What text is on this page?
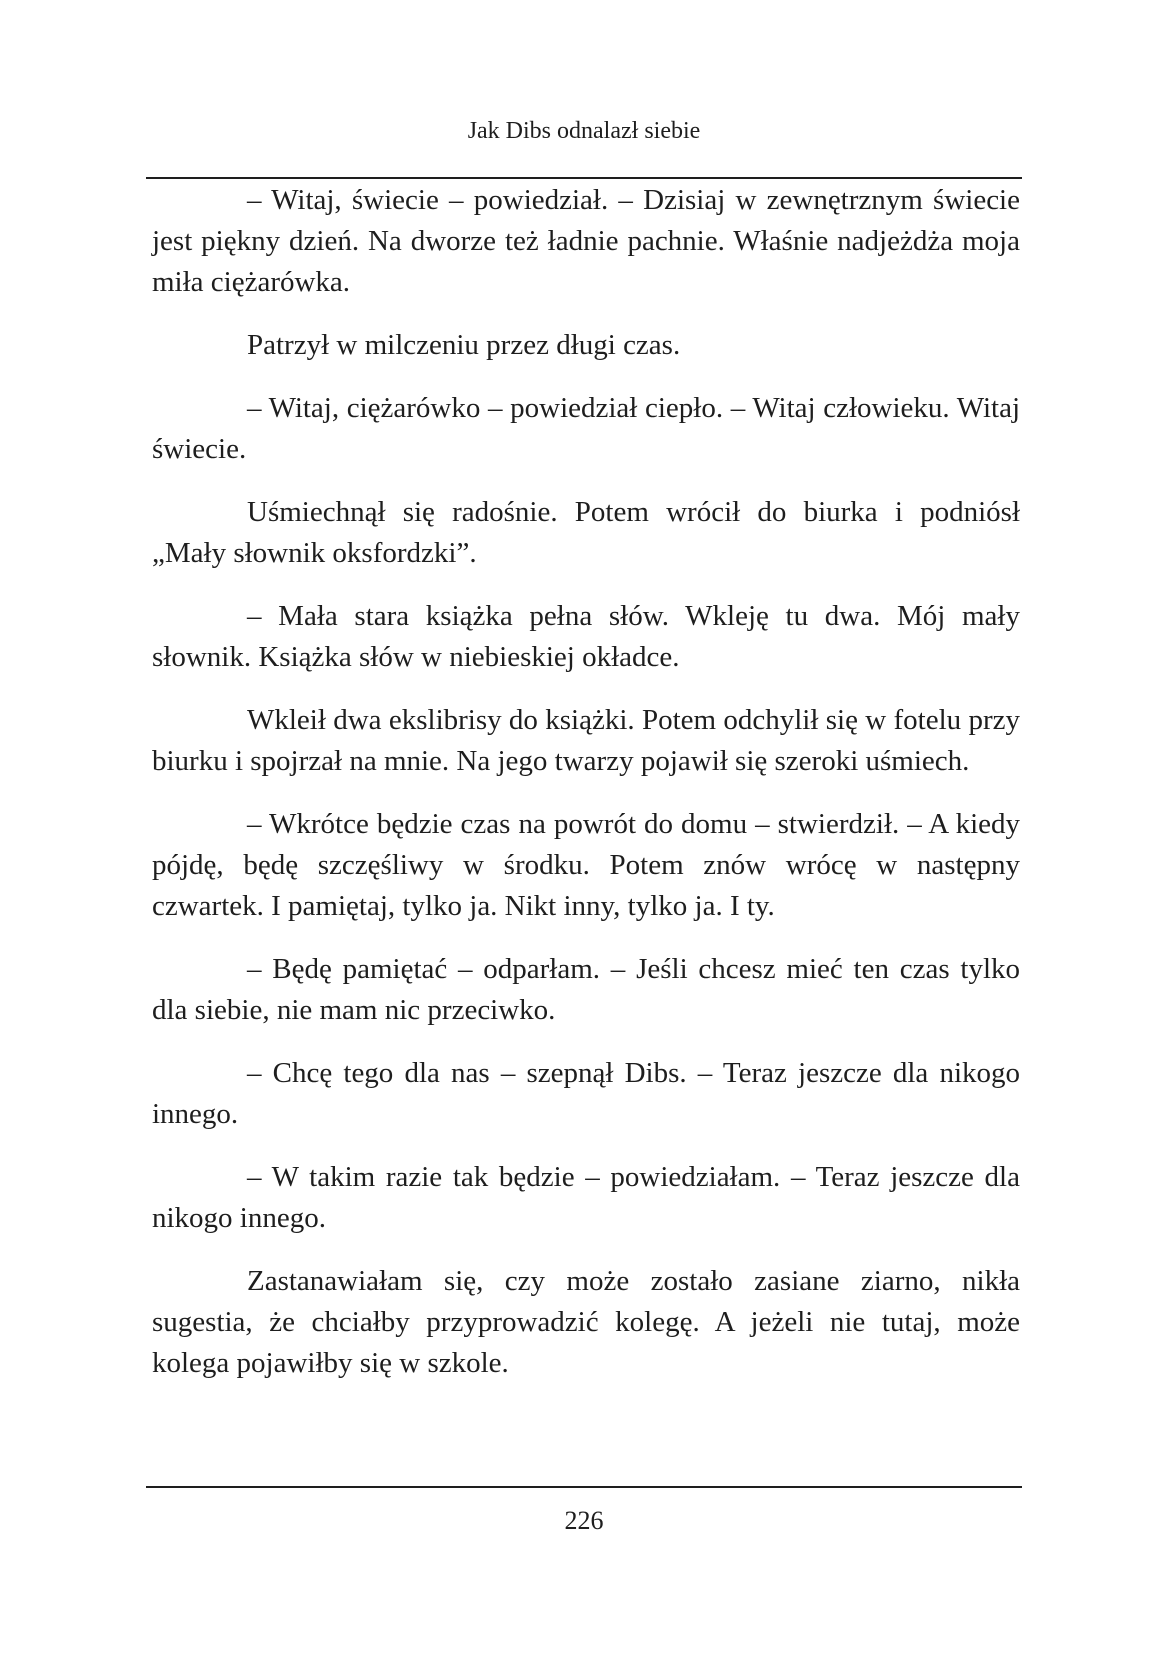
Jak Dibs odnalazł siebie

– Witaj, świecie – powiedział. – Dzisiaj w zewnętrznym świecie jest piękny dzień. Na dworze też ładnie pachnie. Właśnie nadjeżdża moja miła ciężarówka.

Patrzył w milczeniu przez długi czas.

– Witaj, ciężarówko – powiedział ciepło. – Witaj człowieku. Witaj świecie.

Uśmiechnął się radośnie. Potem wrócił do biurka i podniósł „Mały słownik oksfordzki”.

– Mała stara książka pełna słów. Wkleję tu dwa. Mój mały słownik. Książka słów w niebieskiej okładce.

Wkleił dwa ekslibrisy do książki. Potem odchylił się w fotelu przy biurku i spojrzał na mnie. Na jego twarzy pojawił się szeroki uśmiech.

– Wkrótce będzie czas na powrót do domu – stwierdził. – A kiedy pójdę, będę szczęśliwy w środku. Potem znów wrócę w następny czwartek. I pamiętaj, tylko ja. Nikt inny, tylko ja. I ty.

– Będę pamiętać – odparłam. – Jeśli chcesz mieć ten czas tylko dla siebie, nie mam nic przeciwko.

– Chcę tego dla nas – szepnął Dibs. – Teraz jeszcze dla nikogo innego.

– W takim razie tak będzie – powiedziałam. – Teraz jeszcze dla nikogo innego.

Zastanawiałam się, czy może zostało zasiane ziarno, nikła sugestia, że chciałby przyprowadzić kolegę. A jeżeli nie tutaj, może kolega pojawiłby się w szkole.

226
